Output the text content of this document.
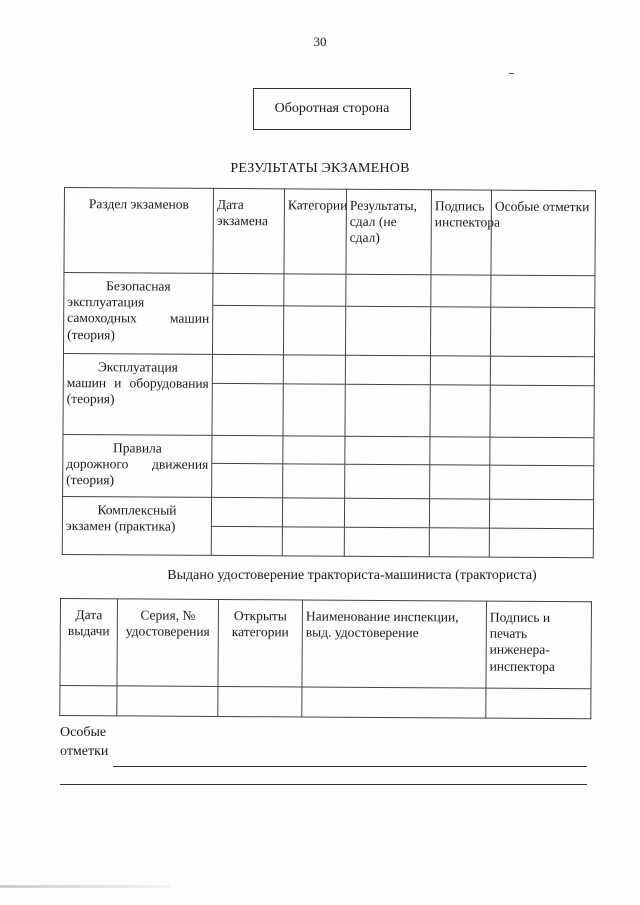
30
Оборотная сторона
РЕЗУЛЬТАТЫ ЭКЗАМЕНОВ
Раздел экзаменов	Дата экзамена	Категории	Результаты, сдал (не сдал)	Подпись инспектора	Особые отметки

Безопасная
эксплуатация самоходных машин (теория)					

Эксплуатация
машин и оборудования (теория)					

Правила
дорожного движения (теория)					

Комплексный
экзамен (практика)					

Выдано удостоверение тракториста-машиниста (тракториста)
Дата выдачи	Серия, № удостоверения	Открыты категории	Наименование инспекции, выд. удостоверение	Подпись и печать инженера-инспектора

Особые
отметки
